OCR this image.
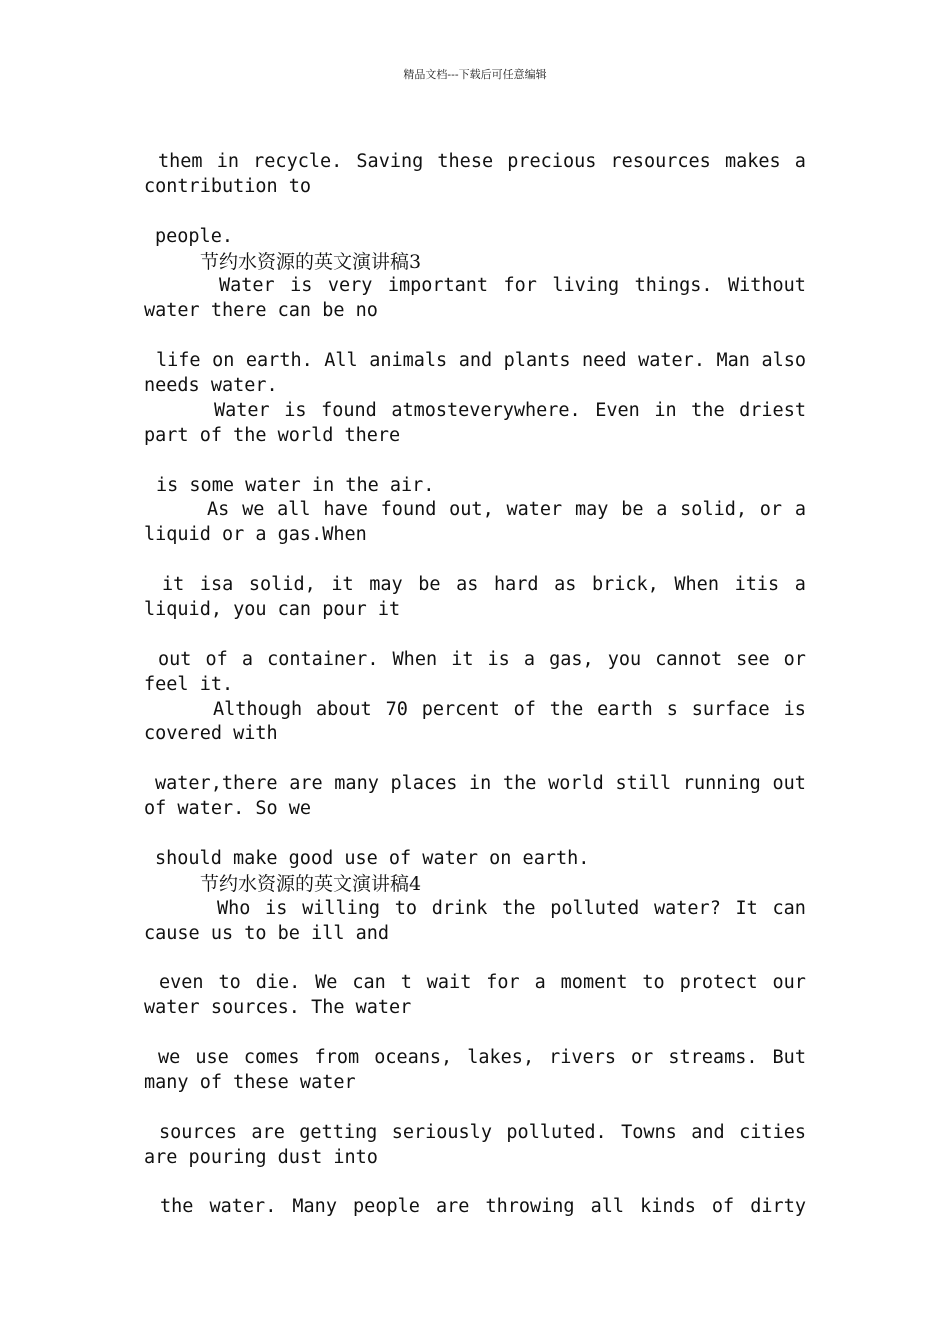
精品文档---下载后可任意编辑
them in recycle. Saving these precious resources makes a
contribution to
people.
节约水资源的英文演讲稿3
Water is very important for living things. Without
water there can be no
life on earth. All animals and plants need water. Man also
needs water.
Water is found atmosteverywhere. Even in the driest
part of the world there
is some water in the air.
As we all have found out, water may be a solid, or a
liquid or a gas.When
it isa solid, it may be as hard as brick, When itis a
liquid, you can pour it
out of a container. When it is a gas, you cannot see or
feel it.
Although about 70 percent of the earth s surface is
covered with
water,there are many places in the world still running out
of water. So we
should make good use of water on earth.
节约水资源的英文演讲稿4
Who is willing to drink the polluted water? It can
cause us to be ill and
even to die. We can t wait for a moment to protect our
water sources. The water
we use comes from oceans, lakes, rivers or streams. But
many of these water
sources are getting seriously polluted. Towns and cities
are pouring dust into
the water. Many people are throwing all kinds of dirty
